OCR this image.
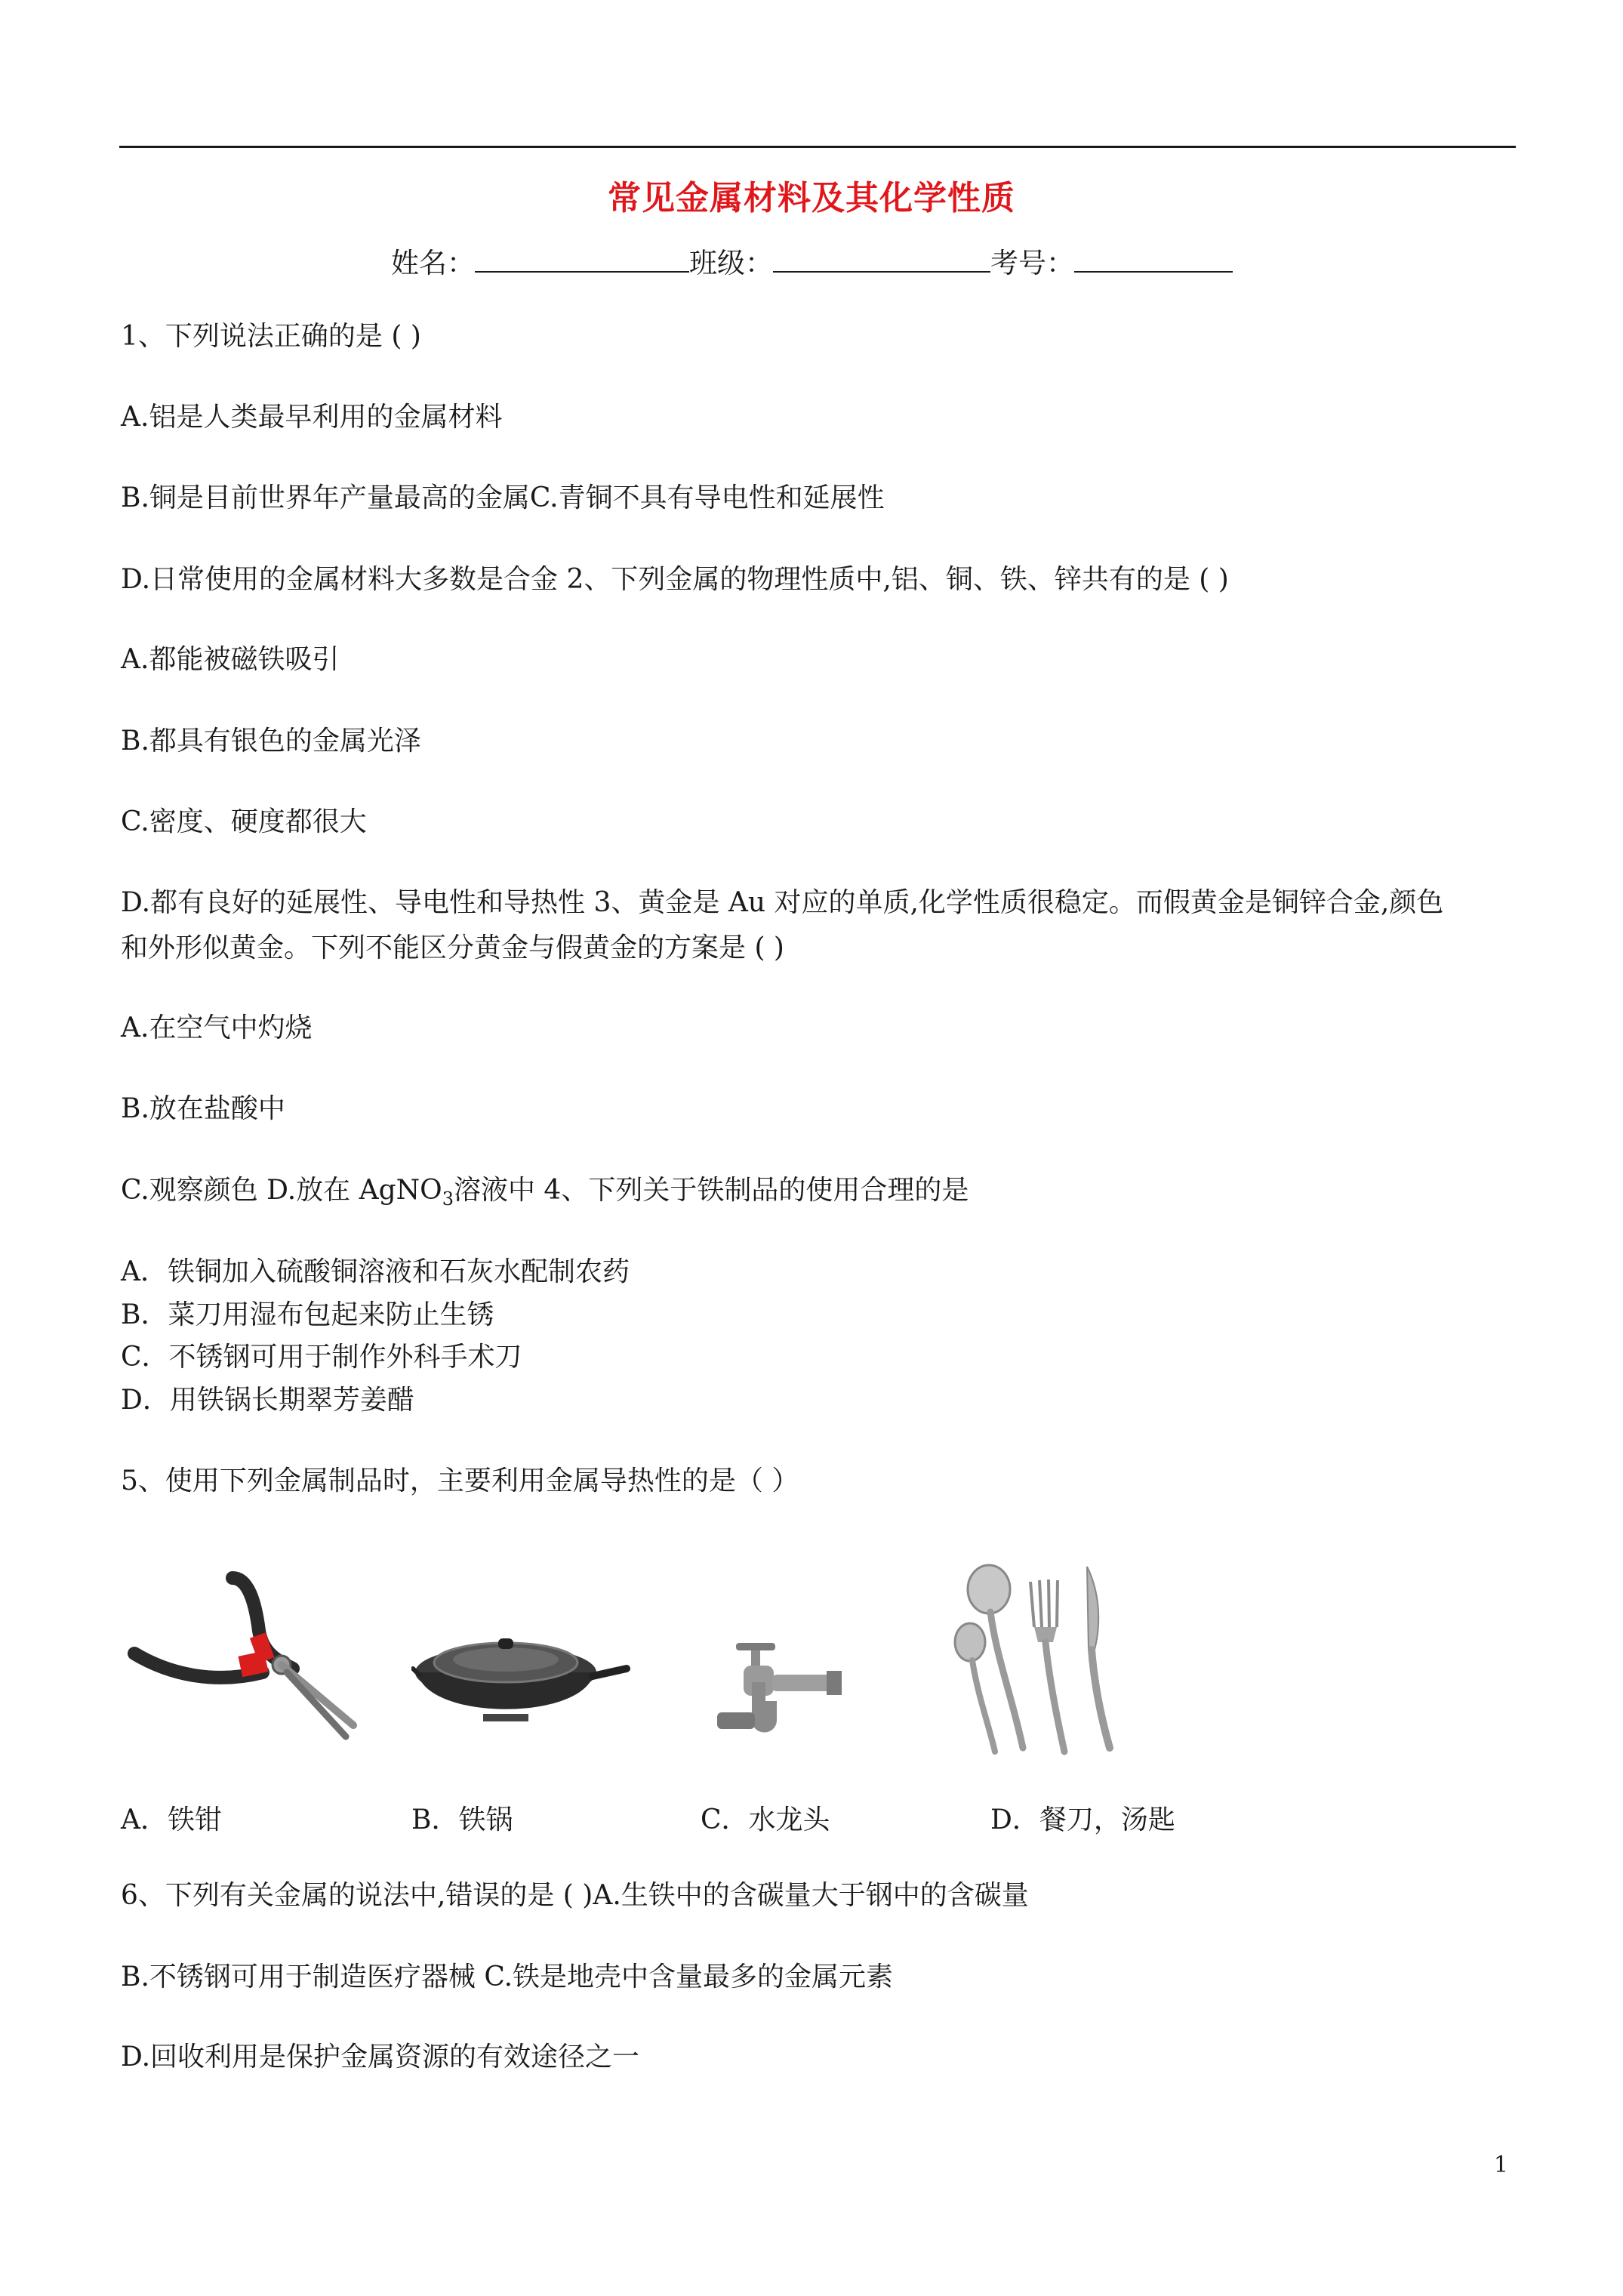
常见金属材料及其化学性质
姓名：	班级：	考号：
1、下列说法正确的是 ( )
A.铝是人类最早利用的金属材料
B.铜是目前世界年产量最高的金属C.青铜不具有导电性和延展性
D.日常使用的金属材料大多数是合金 2、下列金属的物理性质中,铝、铜、铁、锌共有的是 ( )
A.都能被磁铁吸引
B.都具有银色的金属光泽
C.密度、硬度都很大
D.都有良好的延展性、导电性和导热性 3、黄金是 Au 对应的单质,化学性质很稳定。而假黄金是铜锌合金,颜色
和外形似黄金。下列不能区分黄金与假黄金的方案是 ( )
A.在空气中灼烧
B.放在盐酸中
C.观察颜色 D.放在 AgNO$_3$溶液中 4、下列关于铁制品的使用合理的是
A．铁铜加入硫酸铜溶液和石灰水配制农药
B．菜刀用湿布包起来防止生锈
C．不锈钢可用于制作外科手术刀
D．用铁锅长期翠芳姜醋
5、使用下列金属制品时，主要利用金属导热性的是（ ）
A．铁钳	B．铁锅	C．水龙头	D．餐刀，汤匙
6、下列有关金属的说法中,错误的是 ( )A.生铁中的含碳量大于钢中的含碳量
B.不锈钢可用于制造医疗器械 C.铁是地壳中含量最多的金属元素
D.回收利用是保护金属资源的有效途径之一
1
